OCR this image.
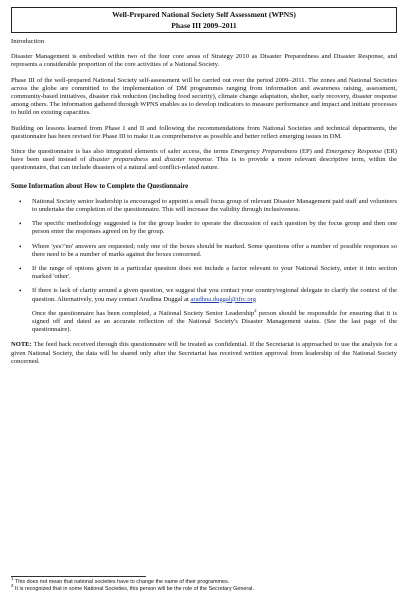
Well-Prepared National Society Self Assessment (WPNS)
Phase III 2009–2011

Introduction

Disaster Management is embodied within two of the four core areas of Strategy 2010 as Disaster Preparedness and Disaster Response, and represents a considerable proportion of the core activities of a National Society.

Phase III of the well-prepared National Society self-assessment will be carried out over the period 2009–2011. The zones and National Societies across the globe are committed to the implementation of DM programmes ranging from information and awareness raising, assessment, community-based initiatives, disaster risk reduction (including food security), climate change adaptation, shelter, early recovery, disaster response among others. The information gathered through WPNS enables us to develop indicators to measure performance and impact and initiate processes to build on existing capacities.

Building on lessons learned from Phase I and II and following the recommendations from National Societies and technical departments, the questionnaire has been revised for Phase III to make it as comprehensive as possible and better reflect emerging issues in DM.

Since the questionnaire is has also integrated elements of safer access, the terms Emergency Preparedness (EP) and Emergency Response (ER) have been used instead of disaster preparedness and disaster response. This is to provide a more relevant descriptive term, within the questionnaire, that can include disasters of a natural and conflict-related nature.

Some Information about How to Complete the Questionnaire

• National Society senior leadership is encouraged to appoint a small focus group of relevant Disaster Management paid staff and volunteers to undertake the completion of the questionnaire. This will increase the validity through inclusiveness.
• The specific methodology suggested is for the group leader to operate the discussion of each question by the focus group and then one person enter the responses agreed on by the group.
• Where 'yes'/'no' answers are requested; only one of the boxes should be marked. Some questions offer a number of possible responses so there need to be a number of marks against the boxes concerned.
• If the range of options given in a particular question does not include a factor relevant to your National Society, enter it into section marked 'other'.
• If there is lack of clarity around a given question, we suggest that you contact your country/regional delegate to clarify the context of the question. Alternatively, you may contact Aradhna Duggal at aradhna.duggal@ifrc.org

Once the questionnaire has been completed, a National Society Senior Leadership$^2$ person should be responsible for ensuring that it is signed off and dated as an accurate reflection of the National Society's Disaster Management status. (See the last page of the questionnaire).

NOTE: The feed back received through this questionnaire will be treated as confidential. If the Secretariat is approached to use the analysis for a given National Society, the data will be shared only after the Secretariat has received written approval from leadership of the National Society concerned.

$^1$ This does not mean that national societies have to change the name of their programmes.
$^2$ It is recognized that in some National Societies, this person will be the role of the Secretary General.
